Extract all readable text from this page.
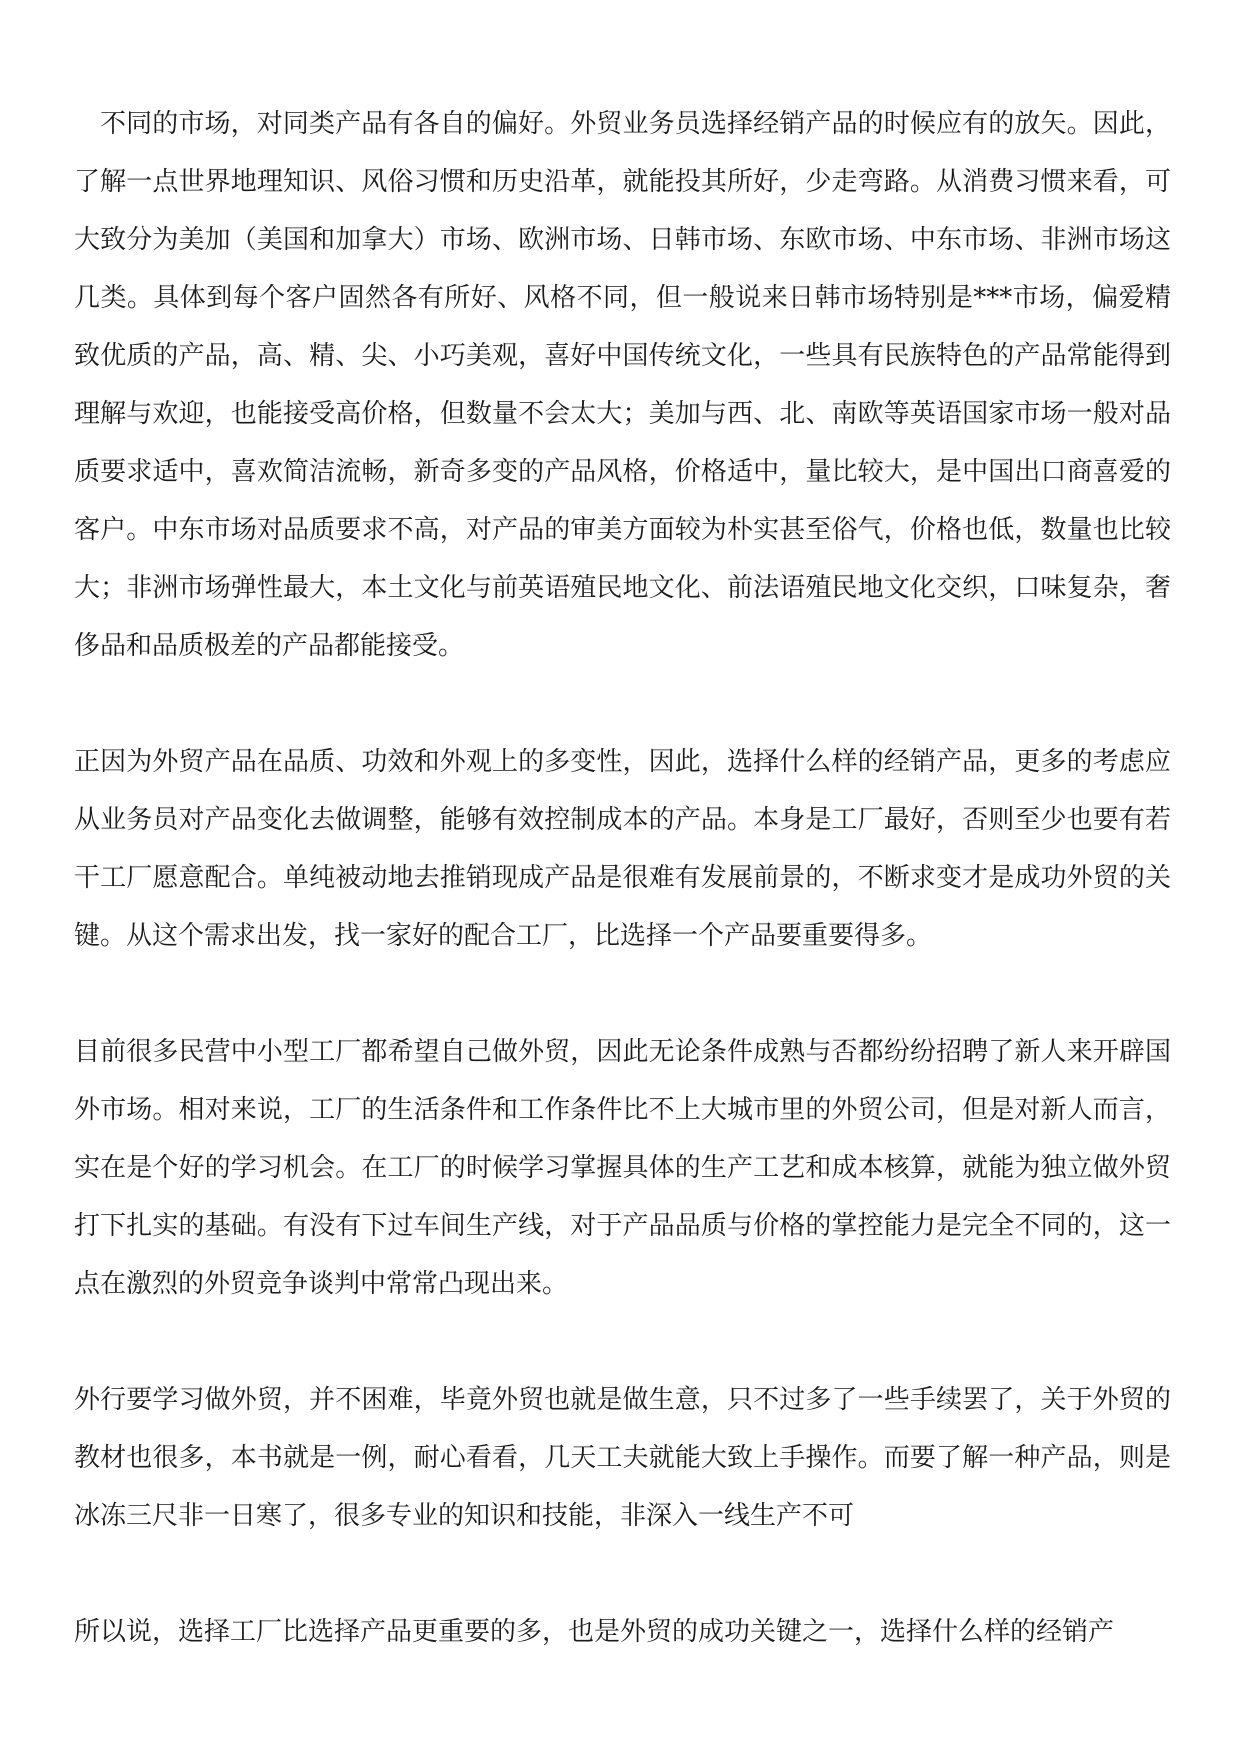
不同的市场，对同类产品有各自的偏好。外贸业务员选择经销产品的时候应有的放矢。因此，了解一点世界地理知识、风俗习惯和历史沿革，就能投其所好，少走弯路。从消费习惯来看，可大致分为美加（美国和加拿大）市场、欧洲市场、日韩市场、东欧市场、中东市场、非洲市场这几类。具体到每个客户固然各有所好、风格不同，但一般说来日韩市场特别是***市场，偏爱精致优质的产品，高、精、尖、小巧美观，喜好中国传统文化，一些具有民族特色的产品常能得到理解与欢迎，也能接受高价格，但数量不会太大；美加与西、北、南欧等英语国家市场一般对品质要求适中，喜欢简洁流畅，新奇多变的产品风格，价格适中，量比较大，是中国出口商喜爱的客户。中东市场对品质要求不高，对产品的审美方面较为朴实甚至俗气，价格也低，数量也比较大；非洲市场弹性最大，本土文化与前英语殖民地文化、前法语殖民地文化交织，口味复杂，奢侈品和品质极差的产品都能接受。

正因为外贸产品在品质、功效和外观上的多变性，因此，选择什么样的经销产品，更多的考虑应从业务员对产品变化去做调整，能够有效控制成本的产品。本身是工厂最好，否则至少也要有若干工厂愿意配合。单纯被动地去推销现成产品是很难有发展前景的，不断求变才是成功外贸的关键。从这个需求出发，找一家好的配合工厂，比选择一个产品要重要得多。

目前很多民营中小型工厂都希望自己做外贸，因此无论条件成熟与否都纷纷招聘了新人来开辟国外市场。相对来说，工厂的生活条件和工作条件比不上大城市里的外贸公司，但是对新人而言，实在是个好的学习机会。在工厂的时候学习掌握具体的生产工艺和成本核算，就能为独立做外贸打下扎实的基础。有没有下过车间生产线，对于产品品质与价格的掌控能力是完全不同的，这一点在激烈的外贸竞争谈判中常常凸现出来。

外行要学习做外贸，并不困难，毕竟外贸也就是做生意，只不过多了一些手续罢了，关于外贸的教材也很多，本书就是一例，耐心看看，几天工夫就能大致上手操作。而要了解一种产品，则是冰冻三尺非一日寒了，很多专业的知识和技能，非深入一线生产不可

所以说，选择工厂比选择产品更重要的多，也是外贸的成功关键之一，选择什么样的经销产
